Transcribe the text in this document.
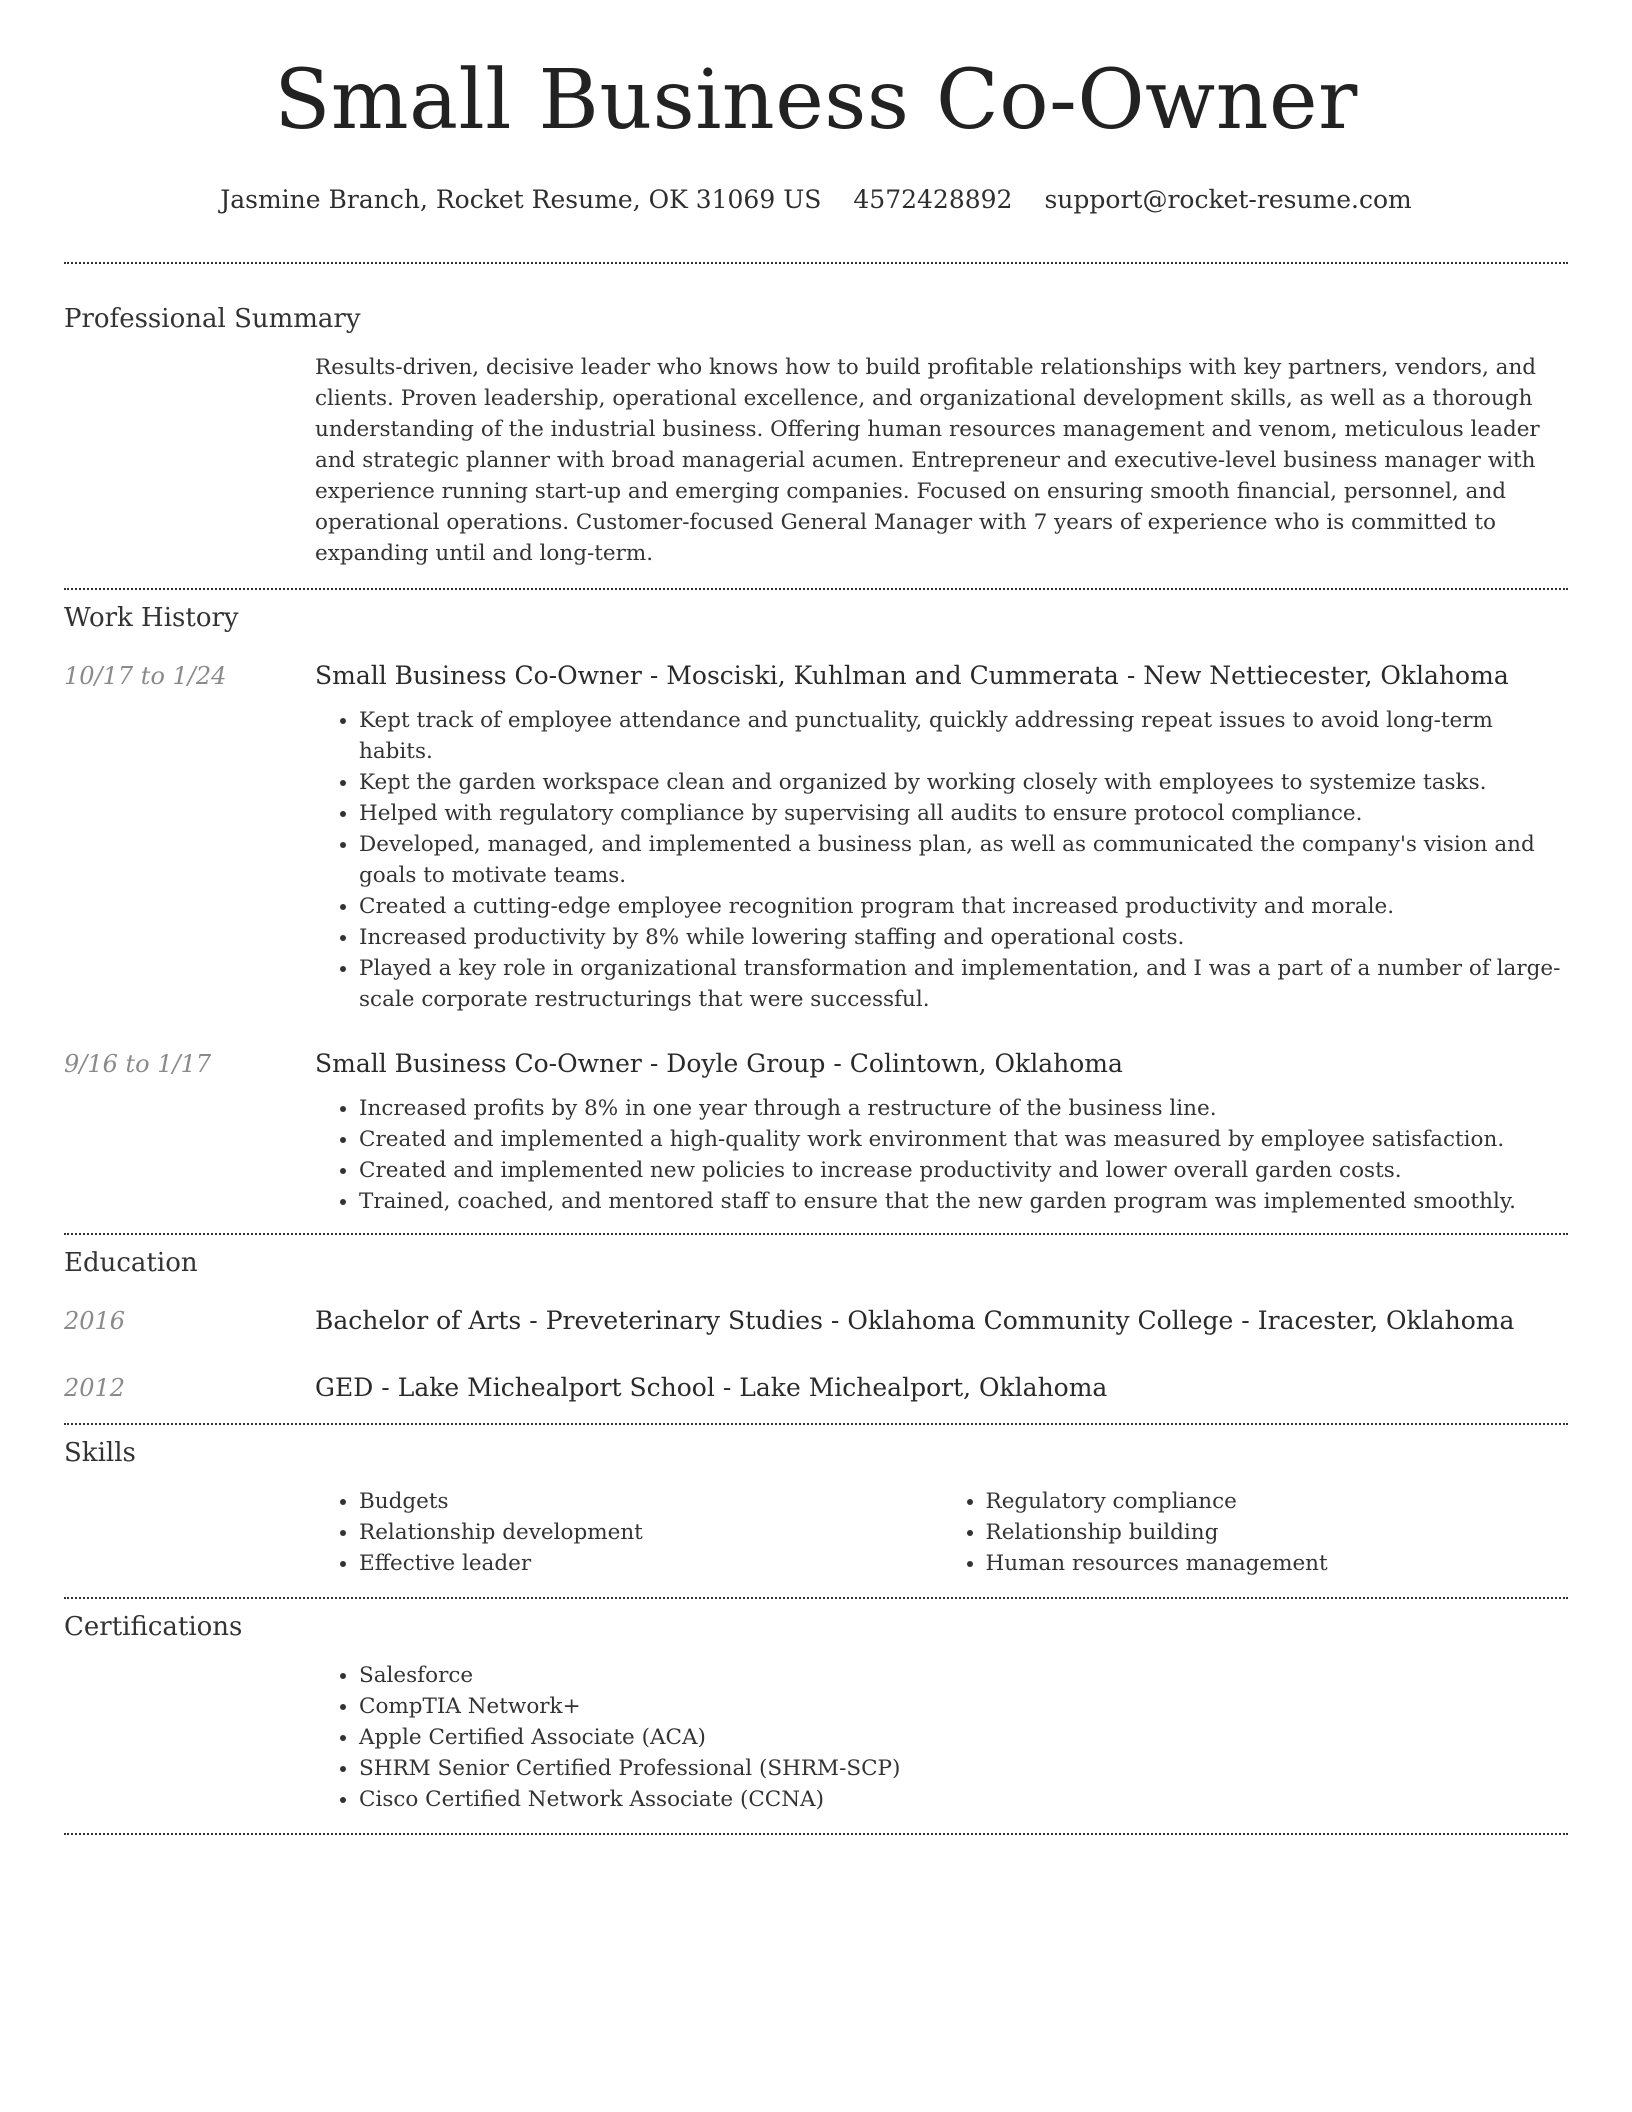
Small Business Co-Owner
Jasmine Branch, Rocket Resume, OK 31069 US 4572428892 support@rocket-resume.com
Professional Summary

Results-driven, decisive leader who knows how to build profitable relationships with key partners, vendors, and clients. Proven leadership, operational excellence, and organizational development skills, as well as a thorough understanding of the industrial business. Offering human resources management and venom, meticulous leader and strategic planner with broad managerial acumen. Entrepreneur and executive-level business manager with experience running start-up and emerging companies. Focused on ensuring smooth financial, personnel, and operational operations. Customer-focused General Manager with 7 years of experience who is committed to expanding until and long-term.

Work History
10/17 to 1/24	Small Business Co-Owner - Mosciski, Kuhlman and Cummerata - New Nettiecester, Oklahoma
• Kept track of employee attendance and punctuality, quickly addressing repeat issues to avoid long-term habits.
• Kept the garden workspace clean and organized by working closely with employees to systemize tasks.
• Helped with regulatory compliance by supervising all audits to ensure protocol compliance.
• Developed, managed, and implemented a business plan, as well as communicated the company's vision and goals to motivate teams.
• Created a cutting-edge employee recognition program that increased productivity and morale.
• Increased productivity by 8% while lowering staffing and operational costs.
• Played a key role in organizational transformation and implementation, and I was a part of a number of large-scale corporate restructurings that were successful.
9/16 to 1/17	Small Business Co-Owner - Doyle Group - Colintown, Oklahoma
• Increased profits by 8% in one year through a restructure of the business line.
• Created and implemented a high-quality work environment that was measured by employee satisfaction.
• Created and implemented new policies to increase productivity and lower overall garden costs.
• Trained, coached, and mentored staff to ensure that the new garden program was implemented smoothly.
Education
2016	Bachelor of Arts - Preveterinary Studies - Oklahoma Community College - Iracester, Oklahoma
2012	GED - Lake Michealport School - Lake Michealport, Oklahoma
Skills
• Budgets
• Relationship development
• Effective leader
• Regulatory compliance
• Relationship building
• Human resources management
Certifications
• Salesforce
• CompTIA Network+
• Apple Certified Associate (ACA)
• SHRM Senior Certified Professional (SHRM-SCP)
• Cisco Certified Network Associate (CCNA)
